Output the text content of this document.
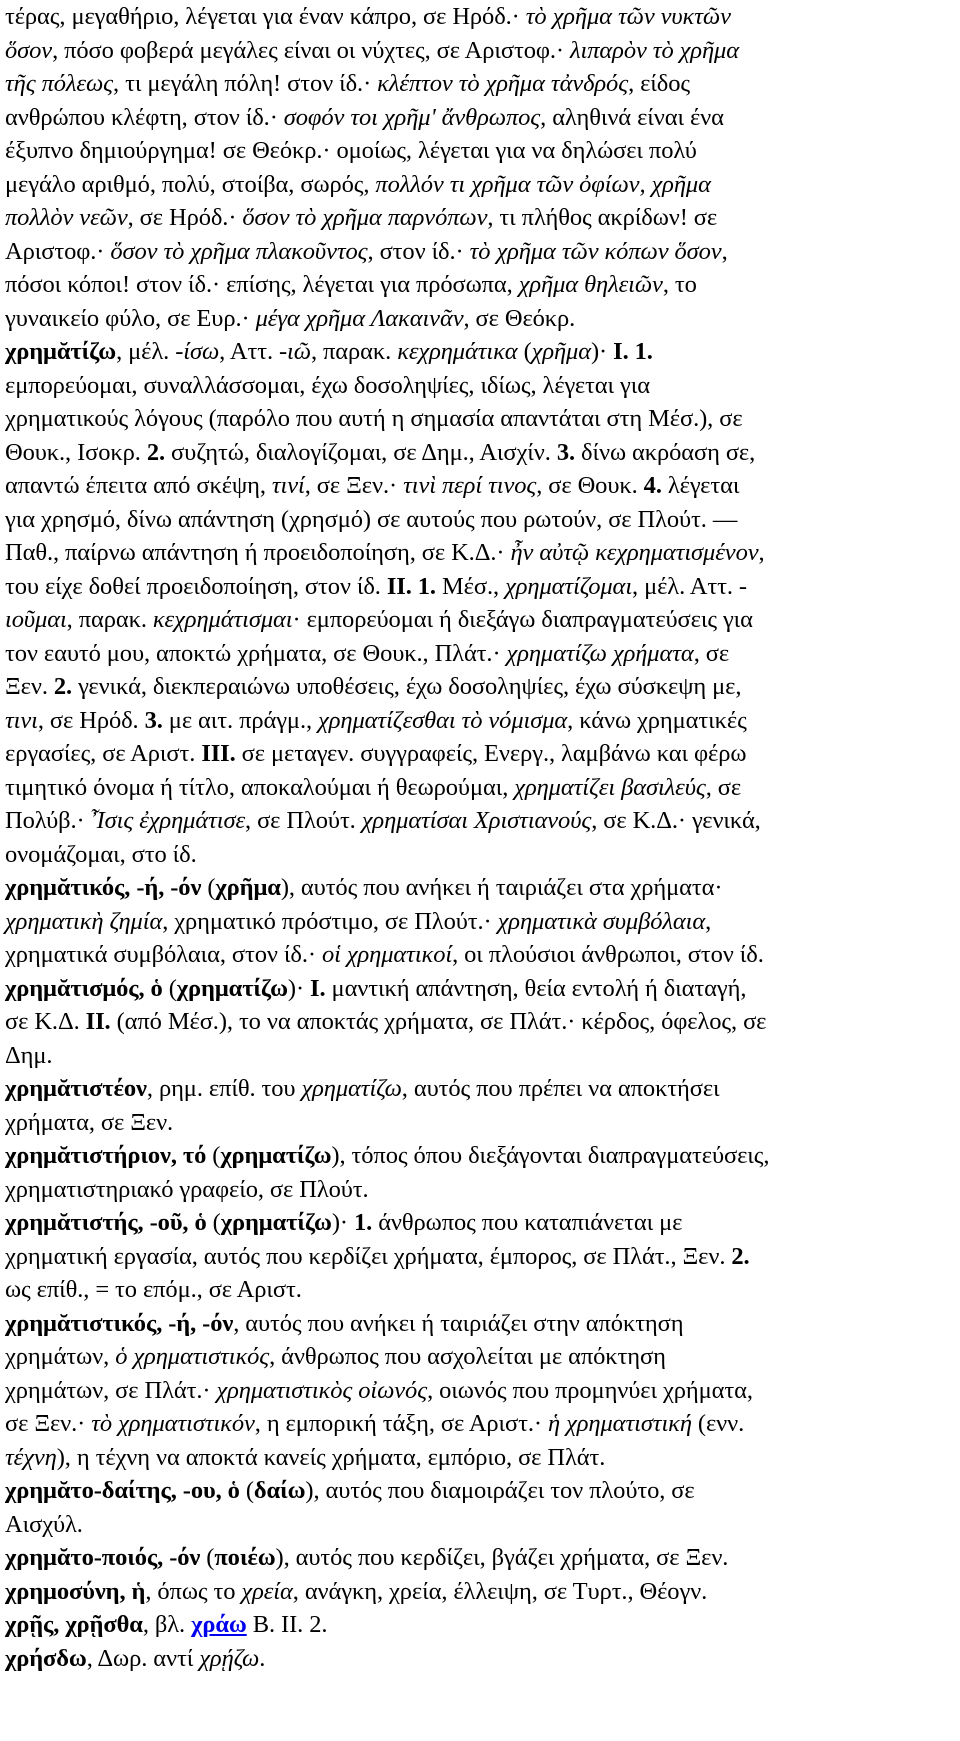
τέρας, μεγαθήριο, λέγεται για έναν κάπρο, σε Ηρόδ.· τὸ χρῆμα τῶν νυκτῶν
ὅσον, πόσο φοβερά μεγάλες είναι οι νύχτες, σε Αριστοφ.· λιπαρὸν τὸ χρῆμα
τῆς πόλεως, τι μεγάλη πόλη! στον ίδ.· κλέπτον τὸ χρῆμα τἀνδρός, είδος
ανθρώπου κλέφτη, στον ίδ.· σοφόν τοι χρῆμ' ἄνθρωπος, αληθινά είναι ένα
έξυπνο δημιούργημα! σε Θεόκρ.· ομοίως, λέγεται για να δηλώσει πολύ
μεγάλο αριθμό, πολύ, στοίβα, σωρός, πολλόν τι χρῆμα τῶν ὀφίων, χρῆμα
πολλὸν νεῶν, σε Ηρόδ.· ὅσον τὸ χρῆμα παρνόπων, τι πλήθος ακρίδων! σε
Αριστοφ.· ὅσον τὸ χρῆμα πλακοῦντος, στον ίδ.· τὸ χρῆμα τῶν κόπων ὅσον,
πόσοι κόποι! στον ίδ.· επίσης, λέγεται για πρόσωπα, χρῆμα θηλειῶν, το
γυναικείο φύλο, σε Ευρ.· μέγα χρῆμα Λακαινᾶν, σε Θεόκρ.
χρημᾰτίζω, μέλ. -ίσω, Αττ. -ιῶ, παρακ. κεχρημάτικα (χρῆμα)· I. 1.
εμπορεύομαι, συναλλάσσομαι, έχω δοσοληψίες, ιδίως, λέγεται για
χρηματικούς λόγους (παρόλο που αυτή η σημασία απαντάται στη Μέσ.), σε
Θουκ., Ισοκρ. 2. συζητώ, διαλογίζομαι, σε Δημ., Αισχίν. 3. δίνω ακρόαση σε,
απαντώ έπειτα από σκέψη, τινί, σε Ξεν.· τινὶ περί τινος, σε Θουκ. 4. λέγεται
για χρησμό, δίνω απάντηση (χρησμό) σε αυτούς που ρωτούν, σε Πλούτ. ―
Παθ., παίρνω απάντηση ή προειδοποίηση, σε Κ.Δ.· ἦν αὐτῷ κεχρηματισμένον,
του είχε δοθεί προειδοποίηση, στον ίδ. II. 1. Μέσ., χρηματίζομαι, μέλ. Αττ. -
ιοῦμαι, παρακ. κεχρημάτισμαι· εμπορεύομαι ή διεξάγω διαπραγματεύσεις για
τον εαυτό μου, αποκτώ χρήματα, σε Θουκ., Πλάτ.· χρηματίζω χρήματα, σε
Ξεν. 2. γενικά, διεκπεραιώνω υποθέσεις, έχω δοσοληψίες, έχω σύσκεψη με,
τινι, σε Ηρόδ. 3. με αιτ. πράγμ., χρηματίζεσθαι τὸ νόμισμα, κάνω χρηματικές
εργασίες, σε Αριστ. III. σε μεταγεν. συγγραφείς, Ενεργ., λαμβάνω και φέρω
τιμητικό όνομα ή τίτλο, αποκαλούμαι ή θεωρούμαι, χρηματίζει βασιλεύς, σε
Πολύβ.· Ἶσις ἐχρημάτισε, σε Πλούτ. χρηματίσαι Χριστιανούς, σε Κ.Δ.· γενικά,
ονομάζομαι, στο ίδ.
χρημᾰτικός, -ή, -όν (χρῆμα), αυτός που ανήκει ή ταιριάζει στα χρήματα·
χρηματικὴ ζημία, χρηματικό πρόστιμο, σε Πλούτ.· χρηματικὰ συμβόλαια,
χρηματικά συμβόλαια, στον ίδ.· οἱ χρηματικοί, οι πλούσιοι άνθρωποι, στον ίδ.
χρημᾰτισμός, ὁ (χρηματίζω)· I. μαντική απάντηση, θεία εντολή ή διαταγή,
σε Κ.Δ. II. (από Μέσ.), το να αποκτάς χρήματα, σε Πλάτ.· κέρδος, όφελος, σε
Δημ.
χρημᾰτιστέον, ρημ. επίθ. του χρηματίζω, αυτός που πρέπει να αποκτήσει
χρήματα, σε Ξεν.
χρημᾰτιστήριον, τό (χρηματίζω), τόπος όπου διεξάγονται διαπραγματεύσεις,
χρηματιστηριακό γραφείο, σε Πλούτ.
χρημᾰτιστής, -οῦ, ὁ (χρηματίζω)· 1. άνθρωπος που καταπιάνεται με
χρηματική εργασία, αυτός που κερδίζει χρήματα, έμπορος, σε Πλάτ., Ξεν. 2.
ως επίθ., = το επόμ., σε Αριστ.
χρημᾰτιστικός, -ή, -όν, αυτός που ανήκει ή ταιριάζει στην απόκτηση
χρημάτων, ὁ χρηματιστικός, άνθρωπος που ασχολείται με απόκτηση
χρημάτων, σε Πλάτ.· χρηματιστικὸς οἰωνός, οιωνός που προμηνύει χρήματα,
σε Ξεν.· τὸ χρηματιστικόν, η εμπορική τάξη, σε Αριστ.· ἡ χρηματιστική (ενν.
τέχνη), η τέχνη να αποκτά κανείς χρήματα, εμπόριο, σε Πλάτ.
χρημᾰτο-δαίτης, -ου, ὁ (δαίω), αυτός που διαμοιράζει τον πλούτο, σε
Αισχύλ.
χρημᾰτο-ποιός, -όν (ποιέω), αυτός που κερδίζει, βγάζει χρήματα, σε Ξεν.
χρημοσύνη, ἡ, όπως το χρεία, ανάγκη, χρεία, έλλειψη, σε Τυρτ., Θέογν.
χρῇς, χρῇσθα, βλ. χράω B. II. 2.
χρήσδω, Δωρ. αντί χρῄζω.
